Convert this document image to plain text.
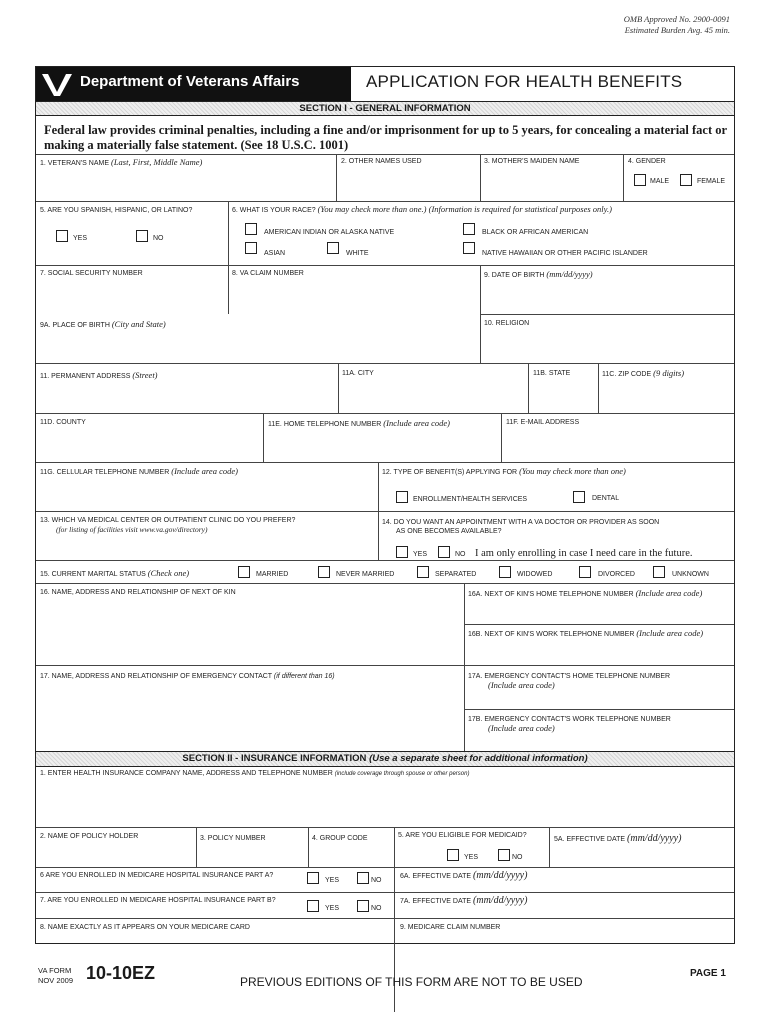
OMB Approved No. 2900-0091
Estimated Burden Avg. 45 min.
Department of Veterans Affairs	APPLICATION FOR HEALTH BENEFITS
SECTION I - GENERAL INFORMATION
Federal law provides criminal penalties, including a fine and/or imprisonment for up to 5 years, for concealing a material fact or making a materially false statement. (See 18 U.S.C. 1001)
1. VETERAN'S NAME (Last, First, Middle Name)	2. OTHER NAMES USED	3. MOTHER'S MAIDEN NAME	4. GENDER
MALE	FEMALE
5. ARE YOU SPANISH, HISPANIC, OR LATINO?
YES	NO
6. WHAT IS YOUR RACE? (You may check more than one.) (Information is required for statistical purposes only.)
AMERICAN INDIAN OR ALASKA NATIVE	BLACK OR AFRICAN AMERICAN
ASIAN	WHITE	NATIVE HAWAIIAN OR OTHER PACIFIC ISLANDER
7. SOCIAL SECURITY NUMBER	8. VA CLAIM NUMBER	9. DATE OF BIRTH (mm/dd/yyyy)
9A. PLACE OF BIRTH (City and State)	10. RELIGION
11. PERMANENT ADDRESS (Street)	11A. CITY	11B. STATE	11C. ZIP CODE (9 digits)
11D. COUNTY	11E. HOME TELEPHONE NUMBER (Include area code)	11F. E-MAIL ADDRESS
11G. CELLULAR TELEPHONE NUMBER (Include area code)	12. TYPE OF BENEFIT(S) APPLYING FOR (You may check more than one)
ENROLLMENT/HEALTH SERVICES	DENTAL
13. WHICH VA MEDICAL CENTER OR OUTPATIENT CLINIC DO YOU PREFER?
(for listing of facilities visit www.va.gov/directory)
14. DO YOU WANT AN APPOINTMENT WITH A VA DOCTOR OR PROVIDER AS SOON
AS ONE BECOMES AVAILABLE?
YES	NO I am only enrolling in case I need care in the future.
15. CURRENT MARITAL STATUS (Check one)	MARRIED	NEVER MARRIED	SEPARATED	WIDOWED	DIVORCED	UNKNOWN
16. NAME, ADDRESS AND RELATIONSHIP OF NEXT OF KIN	16A. NEXT OF KIN'S HOME TELEPHONE NUMBER (Include area code)
16B. NEXT OF KIN'S WORK TELEPHONE NUMBER (Include area code)
17. NAME, ADDRESS AND RELATIONSHIP OF EMERGENCY CONTACT (if different than 16)	17A. EMERGENCY CONTACT'S HOME TELEPHONE NUMBER
(Include area code)
17B. EMERGENCY CONTACT'S WORK TELEPHONE NUMBER
(Include area code)
SECTION II - INSURANCE INFORMATION (Use a separate sheet for additional information)
1. ENTER HEALTH INSURANCE COMPANY NAME, ADDRESS AND TELEPHONE NUMBER (include coverage through spouse or other person)
2. NAME OF POLICY HOLDER	3. POLICY NUMBER	4. GROUP CODE	5. ARE YOU ELIGIBLE FOR MEDICAID?
YES	NO
5A. EFFECTIVE DATE (mm/dd/yyyy)
6 ARE YOU ENROLLED IN MEDICARE HOSPITAL INSURANCE PART A?
YES	NO
6A. EFFECTIVE DATE (mm/dd/yyyy)
7. ARE YOU ENROLLED IN MEDICARE HOSPITAL INSURANCE PART B?
YES	NO
7A. EFFECTIVE DATE (mm/dd/yyyy)
8. NAME EXACTLY AS IT APPEARS ON YOUR MEDICARE CARD	9. MEDICARE CLAIM NUMBER
VA FORM
NOV 2009 10-10EZ	PREVIOUS EDITIONS OF THIS FORM ARE NOT TO BE USED
PAGE 1
